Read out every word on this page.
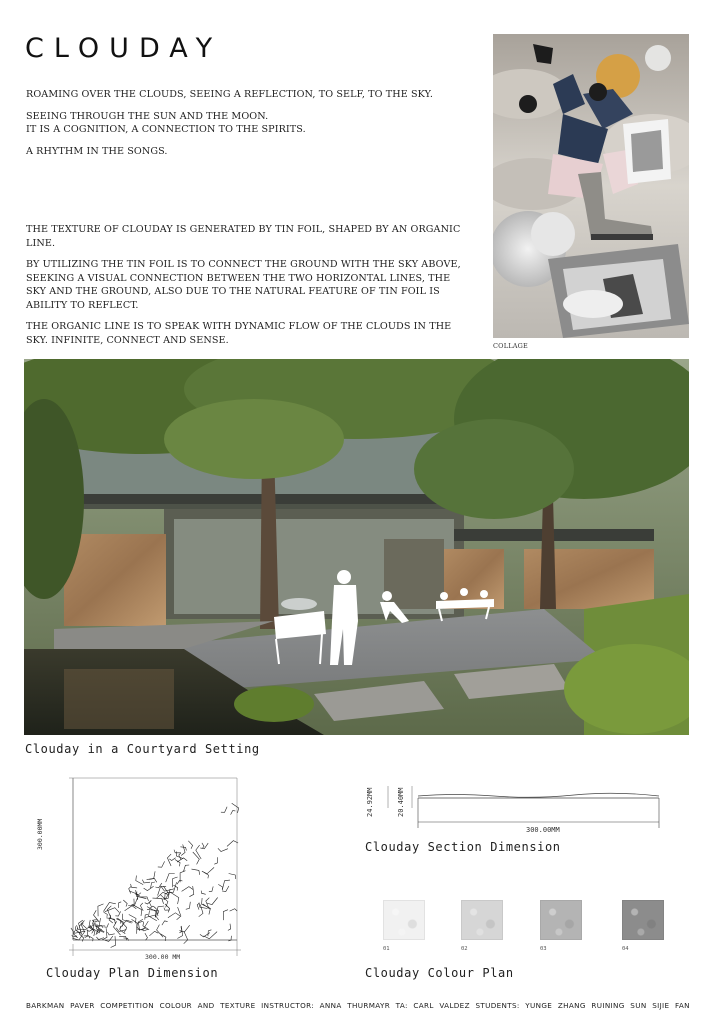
CLOUDAY

ROAMING OVER THE CLOUDS, SEEING A REFLECTION, TO SELF, TO THE SKY.

SEEING THROUGH THE SUN AND THE MOON.
IT IS A COGNITION, A CONNECTION TO THE SPIRITS.

A RHYTHM IN THE SONGS.

THE TEXTURE OF CLOUDAY IS GENERATED BY TIN FOIL, SHAPED BY AN ORGANIC LINE.

BY UTILIZING THE TIN FOIL IS TO CONNECT THE GROUND WITH THE SKY ABOVE, SEEKING A VISUAL CONNECTION BETWEEN THE TWO HORIZONTAL LINES, THE SKY AND THE GROUND, ALSO DUE TO THE NATURAL FEATURE OF TIN FOIL IS ABILITY TO REFLECT.

THE ORGANIC LINE IS TO SPEAK WITH DYNAMIC FLOW OF THE CLOUDS IN THE SKY. INFINITE, CONNECT AND SENSE.

COLLAGE
Clouday in a Courtyard Setting
300.00MM
300.00 MM
Clouday Plan Dimension
24.92MM	20.40MM
300.00MM
Clouday Section Dimension
01	02	03	04
Clouday Colour Plan
BARKMAN PAVER COMPETITION COLOUR AND TEXTURE INSTRUCTOR: ANNA THURMAYR TA: CARL VALDEZ STUDENTS: YUNGE ZHANG RUINING SUN SIJIE FAN
